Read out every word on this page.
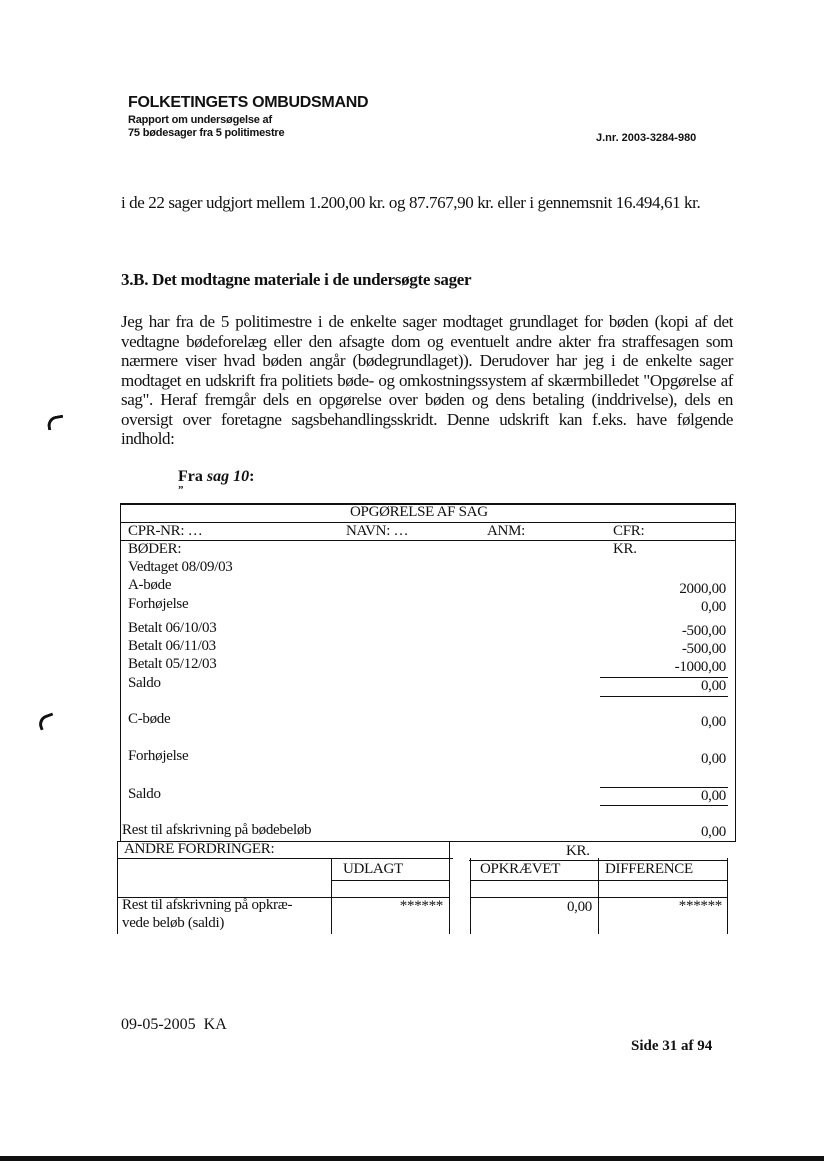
FOLKETINGETS OMBUDSMAND
Rapport om undersøgelse af
75 bødesager fra 5 politimestre	J.nr. 2003-3284-980
i de 22 sager udgjort mellem 1.200,00 kr. og 87.767,90 kr. eller i gennemsnit 16.494,61 kr.
3.B. Det modtagne materiale i de undersøgte sager
Jeg har fra de 5 politimestre i de enkelte sager modtaget grundlaget for bøden (kopi af det vedtagne bødeforelæg eller den afsagte dom og eventuelt andre akter fra straffesagen som nærmere viser hvad bøden angår (bødegrundlaget)). Derudover har jeg i de enkelte sager modtaget en udskrift fra politiets bøde- og omkostningssystem af skærmbilledet "Opgørelse af sag". Heraf fremgår dels en opgørelse over bøden og dens betaling (inddrivelse), dels en oversigt over foretagne sagsbehandlingsskridt. Denne udskrift kan f.eks. have følgende indhold:
Fra sag 10:
”
OPGØRELSE AF SAG
CPR-NR: …	NAVN: …	ANM:	CFR:
BØDER:	KR.
Vedtaget 08/09/03
A-bøde	2000,00
Forhøjelse	0,00
Betalt 06/10/03	-500,00
Betalt 06/11/03	-500,00
Betalt 05/12/03	-1000,00
Saldo	0,00
C-bøde	0,00
Forhøjelse	0,00
Saldo	0,00
Rest til afskrivning på bødebeløb	0,00
ANDRE FORDRINGER:	KR.
UDLAGT	OPKRÆVET	DIFFERENCE
Rest til afskrivning på opkræ-
vede beløb (saldi)
******	0,00	******
09-05-2005 KA
Side 31 af 94
